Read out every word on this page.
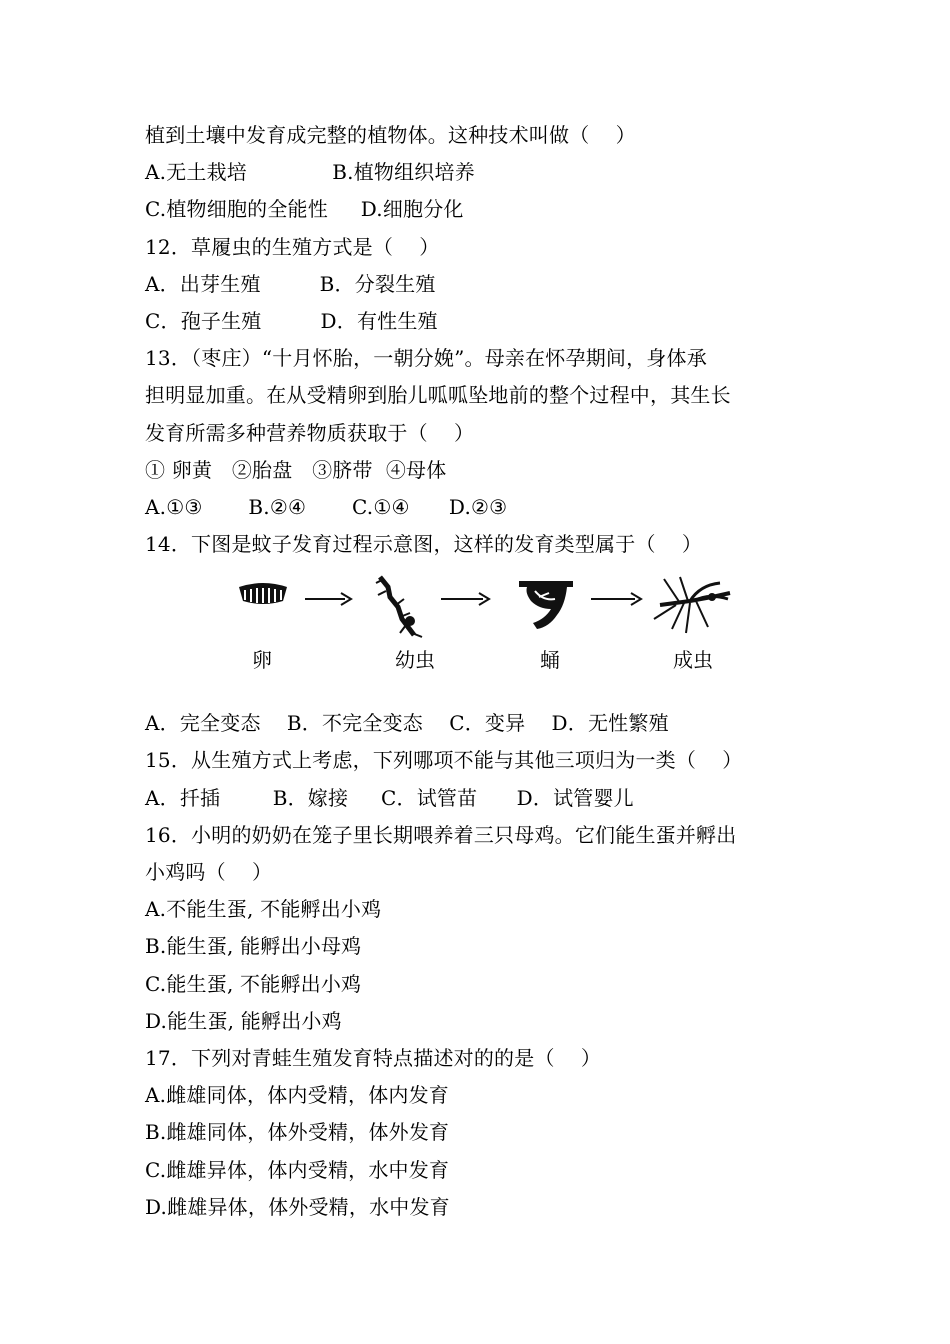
植到土壤中发育成完整的植物体。这种技术叫做（    ）
A.无土栽培             B.植物组织培养
C.植物细胞的全能性     D.细胞分化
12．草履虫的生殖方式是（    ）
A．出芽生殖         B．分裂生殖
C．孢子生殖         D．有性生殖
13．（枣庄）“十月怀胎，一朝分娩”。母亲在怀孕期间，身体承
担明显加重。在从受精卵到胎儿呱呱坠地前的整个过程中，其生长
发育所需多种营养物质获取于（    ）
① 卵黄   ②胎盘   ③脐带  ④母体
A.①③       B.②④       C.①④      D.②③
14．下图是蚊子发育过程示意图，这样的发育类型属于（    ）
卵	幼虫	蛹	成虫
A．完全变态    B．不完全变态    C．变异    D．无性繁殖
15．从生殖方式上考虑，下列哪项不能与其他三项归为一类（    ）
A．扦插        B．嫁接     C．试管苗      D．试管婴儿
16．小明的奶奶在笼子里长期喂养着三只母鸡。它们能生蛋并孵出
小鸡吗（    ）
A.不能生蛋, 不能孵出小鸡
B.能生蛋, 能孵出小母鸡
C.能生蛋, 不能孵出小鸡
D.能生蛋, 能孵出小鸡
17．下列对青蛙生殖发育特点描述对的的是（    ）
A.雌雄同体，体内受精，体内发育
B.雌雄同体，体外受精，体外发育
C.雌雄异体，体内受精，水中发育
D.雌雄异体，体外受精，水中发育
